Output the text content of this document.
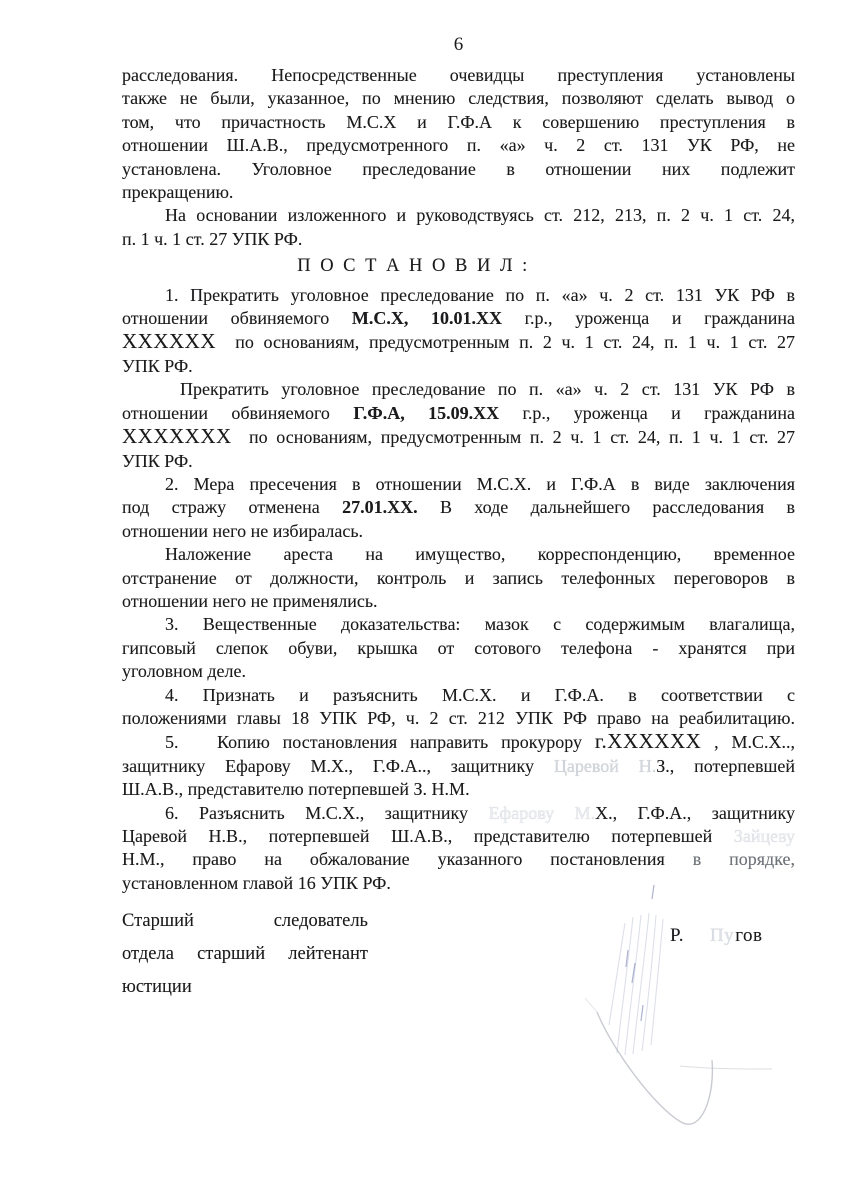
6
расследования. Непосредственные очевидцы преступления установлены
также не были, указанное, по мнению следствия, позволяют сделать вывод о
том, что причастность М.С.Х и Г.Ф.А к совершению преступления в
отношении Ш.А.В., предусмотренного п. «а» ч. 2 ст. 131 УК РФ, не
установлена. Уголовное преследование в отношении них подлежит
прекращению.
На основании изложенного и руководствуясь ст. 212, 213, п. 2 ч. 1 ст. 24,
п. 1 ч. 1 ст. 27 УПК РФ.
П О С Т А Н О В И Л :
1. Прекратить уголовное преследование по п. «а» ч. 2 ст. 131 УК РФ в
отношении обвиняемого М.С.Х, 10.01.ХХ г.р., уроженца и гражданина
ХХХХХХ  по основаниям, предусмотренным п. 2 ч. 1 ст. 24, п. 1 ч. 1 ст. 27
УПК РФ.
Прекратить уголовное преследование по п. «а» ч. 2 ст. 131 УК РФ в
отношении обвиняемого Г.Ф.А, 15.09.ХХ г.р., уроженца и гражданина
ХХХХХХХ  по основаниям, предусмотренным п. 2 ч. 1 ст. 24, п. 1 ч. 1 ст. 27
УПК РФ.
2. Мера пресечения в отношении М.С.Х. и Г.Ф.А в виде заключения
под стражу отменена 27.01.ХХ. В ходе дальнейшего расследования в
отношении него не избиралась.
Наложение ареста на имущество, корреспонденцию, временное
отстранение от должности, контроль и запись телефонных переговоров в
отношении него не применялись.
3. Вещественные доказательства: мазок с содержимым влагалища,
гипсовый слепок обуви, крышка от сотового телефона - хранятся при
уголовном деле.
4. Признать и разъяснить М.С.Х. и Г.Ф.А. в соответствии с
положениями главы 18 УПК РФ, ч. 2 ст. 212 УПК РФ право на реабилитацию.
5.   Копию постановления направить прокурору г.ХХХХХХ , М.С.Х..,
защитнику Ефарову М.Х., Г.Ф.А.., защитнику Царевой Н.З., потерпевшей
Ш.А.В., представителю потерпевшей З. Н.М.
6. Разъяснить М.С.Х., защитнику Ефарову М.Х., Г.Ф.А., защитнику
Царевой Н.В., потерпевшей Ш.А.В., представителю потерпевшей Зайцеву
Н.М., право на обжалование указанного постановления в порядке,
установленном главой 16 УПК РФ.
Старший следователь
отдела старший лейтенант
юстиции
Р. Пугов
